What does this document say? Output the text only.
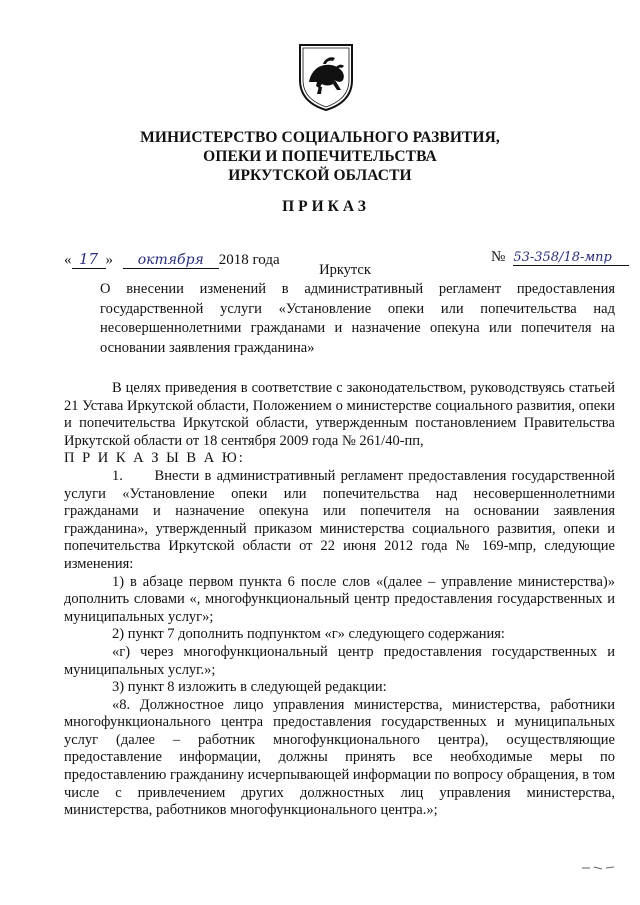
МИНИСТЕРСТВО СОЦИАЛЬНОГО РАЗВИТИЯ,
ОПЕКИ И ПОПЕЧИТЕЛЬСТВА
ИРКУТСКОЙ ОБЛАСТИ
ПРИКАЗ
« 17 » октября 2018 года	№ 53-358/18-мпр
Иркутск
О внесении изменений в административный регламент предоставления государственной услуги «Установление опеки или попечительства над несовершеннолетними гражданами и назначение опекуна или попечителя на основании заявления гражданина»

В целях приведения в соответствие с законодательством, руководствуясь статьей 21 Устава Иркутской области, Положением о министерстве социального развития, опеки и попечительства Иркутской области, утвержденным постановлением Правительства Иркутской области от 18 сентября 2009 года № 261/40-пп,

П Р И К А З Ы В А Ю:

1.      Внести в административный регламент предоставления государственной услуги «Установление опеки или попечительства над несовершеннолетними гражданами и назначение опекуна или попечителя на основании заявления гражданина», утвержденный приказом министерства социального развития, опеки и попечительства Иркутской области от 22 июня 2012 года № 169-мпр, следующие изменения:

1) в абзаце первом пункта 6 после слов «(далее – управление министерства)» дополнить словами «, многофункциональный центр предоставления государственных и муниципальных услуг»;

2) пункт 7 дополнить подпунктом «г» следующего содержания:

«г) через многофункциональный центр предоставления государственных и муниципальных услуг.»;

3) пункт 8 изложить в следующей редакции:

«8. Должностное лицо управления министерства, министерства, работники многофункционального центра предоставления государственных и муниципальных услуг (далее – работник многофункционального центра), осуществляющие предоставление информации, должны принять все необходимые меры по предоставлению гражданину исчерпывающей информации по вопросу обращения, в том числе с привлечением других должностных лиц управления министерства, министерства, работников многофункционального центра.»;
